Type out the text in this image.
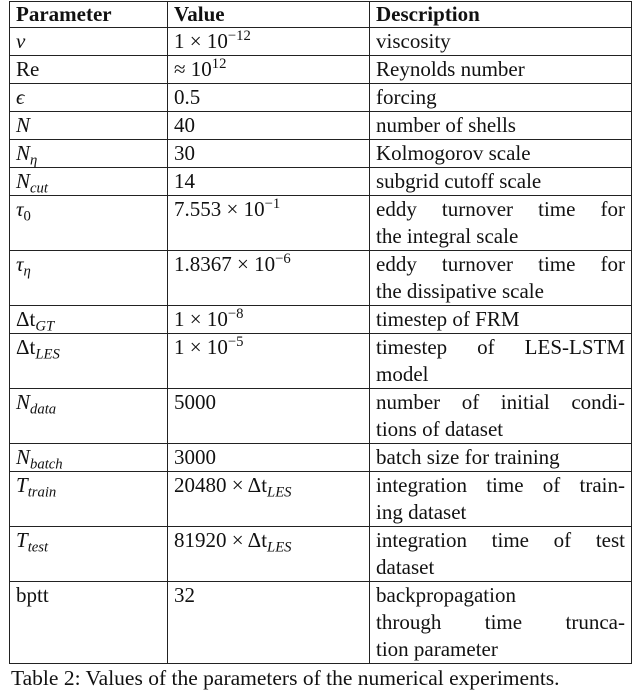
Parameter	Value	Description
ν	$1 \times 10^{-12}$	viscosity

Re	≈ $10^{12}$	Reynolds number

ϵ	0.5	forcing

N	40	number of shells

$N_\eta$	30	Kolmogorov scale

$N_{cut}$	14	subgrid cutoff scale

$\tau_0$	$7.553 \times 10^{-1}$	eddy turnover time for
the integral scale

$\tau_\eta$	$1.8367 \times 10^{-6}$	eddy turnover time for
the dissipative scale

$\Delta t_{GT}$	$1 \times 10^{-8}$	timestep of FRM

$\Delta t_{LES}$	$1 \times 10^{-5}$	timestep of LES-LSTM
model

$N_{data}$	5000	number of initial condi-
tions of dataset

$N_{batch}$	3000	batch size for training

$T_{train}$	$20480 \times \Delta t_{LES}$	integration time of train-
ing dataset

$T_{test}$	$81920 \times \Delta t_{LES}$	integration time of test
dataset

bptt	32	backpropagation
through time trunca-
tion parameter
Table 2: Values of the parameters of the numerical experiments.
